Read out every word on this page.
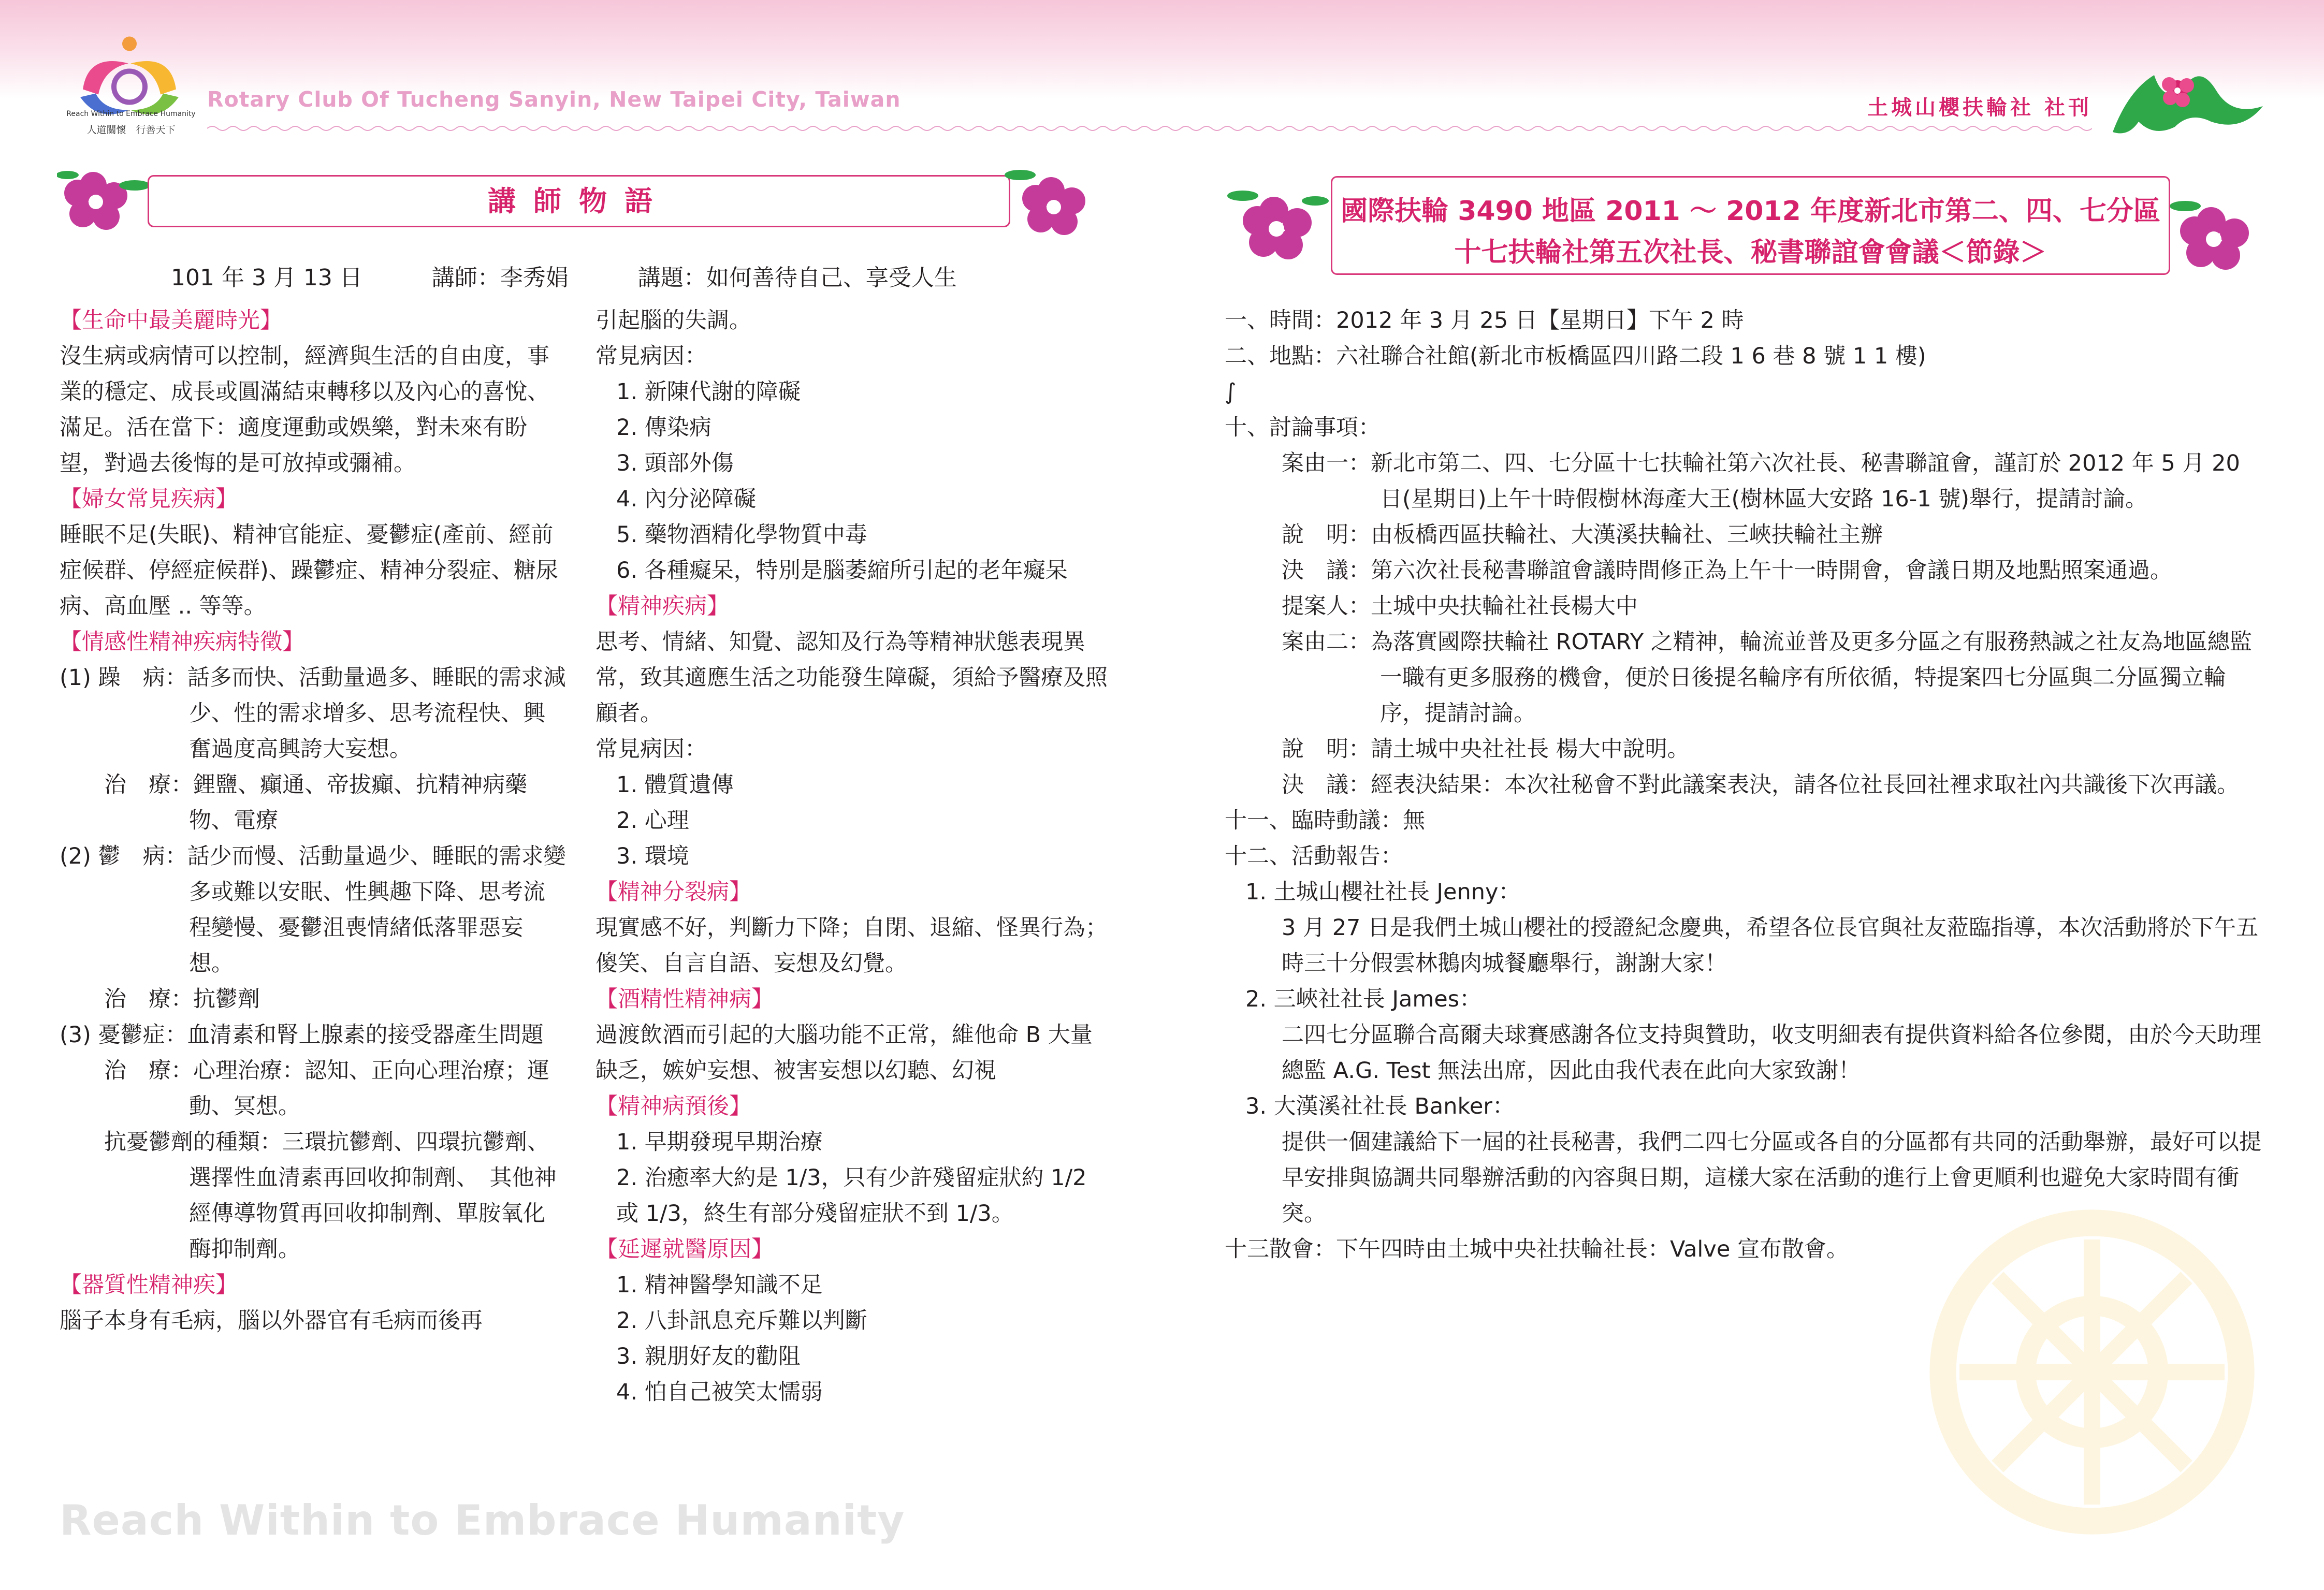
Reach Within to Embrace Humanity
人道關懷　行善天下
Rotary Club Of Tucheng Sanyin, New Taipei City, Taiwan	土城山櫻扶輪社 社刊
講師物語	國際扶輪 3490 地區 2011 ～ 2012 年度新北市第二、四、七分區
十七扶輪社第五次社長、秘書聯誼會會議＜節錄＞
101 年 3 月 13 日	講師：李秀娟	講題：如何善待自己、享受人生
【生命中最美麗時光】
沒生病或病情可以控制，經濟與生活的自由度，事業的穩定、成長或圓滿結束轉移以及內心的喜悅、滿足。活在當下：適度運動或娛樂，對未來有盼望，對過去後悔的是可放掉或彌補。
【婦女常見疾病】
睡眠不足(失眠)、精神官能症、憂鬱症(產前、經前症候群、停經症候群)、躁鬱症、精神分裂症、糖尿病、高血壓 .. 等等。
【情感性精神疾病特徵】
(1) 躁　病：話多而快、活動量過多、睡眠的需求減少、性的需求增多、思考流程快、興奮過度高興誇大妄想。
　　治　療：鋰鹽、癲通、帝拔癲、抗精神病藥物、電療
(2) 鬱　病：話少而慢、活動量過少、睡眠的需求變多或難以安眠、性興趣下降、思考流程變慢、憂鬱沮喪情緒低落罪惡妄想。
　　治　療：抗鬱劑
(3) 憂鬱症：血清素和腎上腺素的接受器產生問題
　　治　療：心理治療：認知、正向心理治療；運動、冥想。
　　抗憂鬱劑的種類：三環抗鬱劑、四環抗鬱劑、選擇性血清素再回收抑制劑、　其他神經傳導物質再回收抑制劑、單胺氧化酶抑制劑。
【器質性精神疾】
腦子本身有毛病，腦以外器官有毛病而後再
引起腦的失調。
常見病因：
1. 新陳代謝的障礙
2. 傳染病
3. 頭部外傷
4. 內分泌障礙
5. 藥物酒精化學物質中毒
6. 各種癡呆，特別是腦萎縮所引起的老年癡呆
【精神疾病】
思考、情緒、知覺、認知及行為等精神狀態表現異常，致其適應生活之功能發生障礙，須給予醫療及照顧者。
常見病因：
1. 體質遺傳
2. 心理
3. 環境
【精神分裂病】
現實感不好，判斷力下降；自閉、退縮、怪異行為；傻笑、自言自語、妄想及幻覺。
【酒精性精神病】
過渡飲酒而引起的大腦功能不正常，維他命 B 大量缺乏，嫉妒妄想、被害妄想以幻聽、幻視
【精神病預後】
1. 早期發現早期治療
2. 治癒率大約是 1/3，只有少許殘留症狀約 1/2 或 1/3，終生有部分殘留症狀不到 1/3。
【延遲就醫原因】
1. 精神醫學知識不足
2. 八卦訊息充斥難以判斷
3. 親朋好友的勸阻
4. 怕自己被笑太懦弱
一、時間：2012 年 3 月 25 日【星期日】下午 2 時
二、地點：六社聯合社館(新北市板橋區四川路二段 1 6 巷 8 號 1 1 樓)
∫
十、討論事項：
案由一：新北市第二、四、七分區十七扶輪社第六次社長、秘書聯誼會，謹訂於 2012 年 5 月 20 日(星期日)上午十時假樹林海產大王(樹林區大安路 16-1 號)舉行，提請討論。
說　明：由板橋西區扶輪社、大漢溪扶輪社、三峽扶輪社主辦
決　議：第六次社長秘書聯誼會議時間修正為上午十一時開會，會議日期及地點照案通過。
提案人：土城中央扶輪社社長楊大中
案由二：為落實國際扶輪社 ROTARY 之精神，輪流並普及更多分區之有服務熱誠之社友為地區總監一職有更多服務的機會，便於日後提名輪序有所依循，特提案四七分區與二分區獨立輪序，提請討論。
說　明：請土城中央社社長 楊大中說明。
決　議：經表決結果：本次社秘會不對此議案表決，請各位社長回社裡求取社內共識後下次再議。
十一、臨時動議：無
十二、活動報告：
1. 土城山櫻社社長 Jenny：
3 月 27 日是我們土城山櫻社的授證紀念慶典，希望各位長官與社友蒞臨指導，本次活動將於下午五時三十分假雲林鵝肉城餐廳舉行，謝謝大家！
2. 三峽社社長 James：
二四七分區聯合高爾夫球賽感謝各位支持與贊助，收支明細表有提供資料給各位參閱，由於今天助理總監 A.G. Test 無法出席，因此由我代表在此向大家致謝！
3. 大漢溪社社長 Banker：
提供一個建議給下一屆的社長秘書，我們二四七分區或各自的分區都有共同的活動舉辦，最好可以提早安排與協調共同舉辦活動的內容與日期，這樣大家在活動的進行上會更順利也避免大家時間有衝突。
十三散會：下午四時由土城中央社扶輪社長：Valve 宣布散會。
Reach Within to Embrace Humanity
